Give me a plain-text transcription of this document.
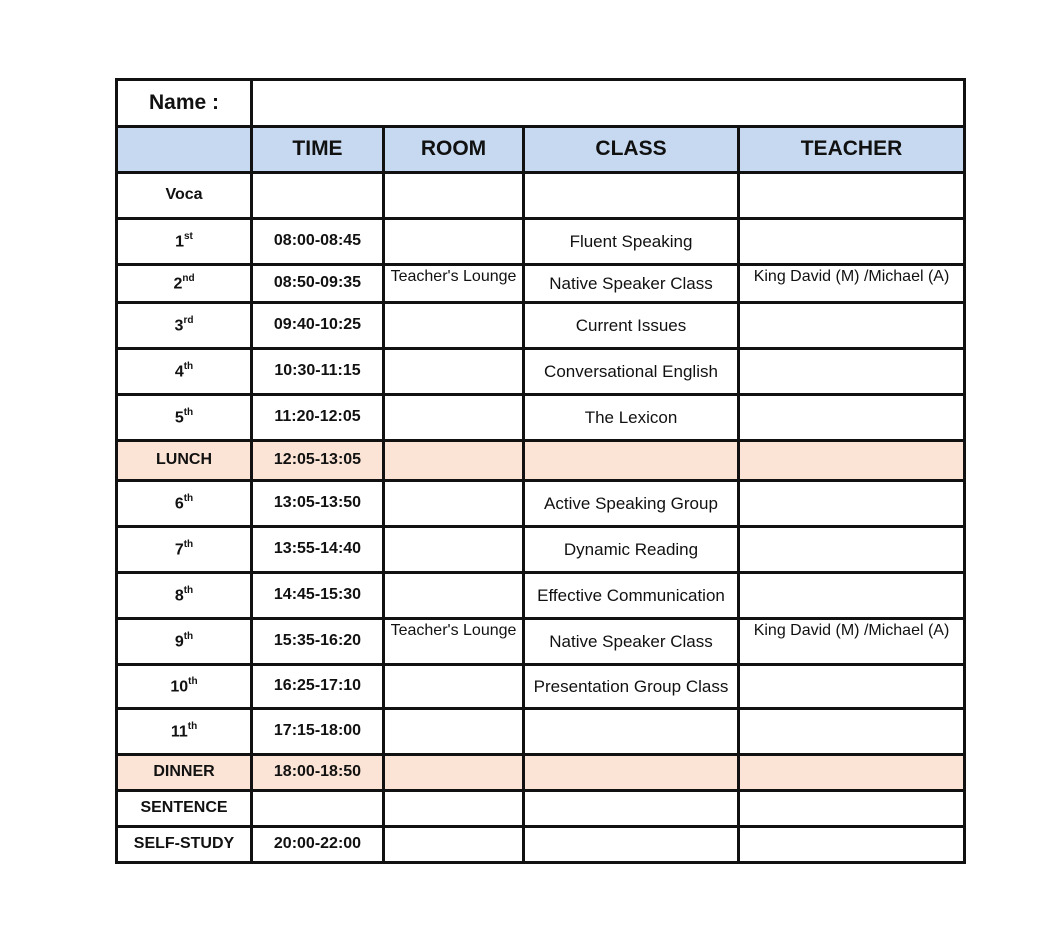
Name :				
	TIME	ROOM	CLASS	TEACHER
Voca				
1st	08:00-08:45		Fluent Speaking	
2nd	08:50-09:35	Teacher's Lounge	Native Speaker Class	King David (M) /Michael (A)

3rd	09:40-10:25		Current Issues	
4th	10:30-11:15		Conversational English	
5th	11:20-12:05		The Lexicon	
LUNCH	12:05-13:05			
6th	13:05-13:50		Active Speaking Group	
7th	13:55-14:40		Dynamic Reading	
8th	14:45-15:30		Effective Communication	
9th	15:35-16:20	Teacher's Lounge	Native Speaker Class	King David (M) /Michael (A)

10th	16:25-17:10		Presentation Group Class	
11th	17:15-18:00			
DINNER	18:00-18:50			
SENTENCE				
SELF-STUDY	20:00-22:00			
